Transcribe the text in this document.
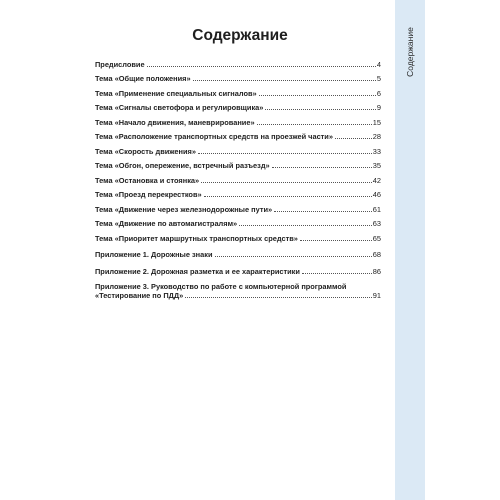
Содержание
Содержание
Предисловие	4
Тема «Общие положения»	5
Тема «Применение специальных сигналов»	6
Тема «Сигналы светофора и регулировщика»	9
Тема «Начало движения, маневрирование»	15
Тема «Расположение транспортных средств на проезжей части»	28
Тема «Скорость движения»	33
Тема «Обгон, опережение, встречный разъезд»	35
Тема «Остановка и стоянка»	42
Тема «Проезд перекрестков»	46
Тема «Движение через железнодорожные пути»	61
Тема «Движение по автомагистралям»	63
Тема «Приоритет маршрутных транспортных средств»	65
Приложение 1. Дорожные знаки	68
Приложение 2. Дорожная разметка и ее характеристики	86
Приложение 3. Руководство по работе с компьютерной программой
«Тестирование по ПДД»	91
